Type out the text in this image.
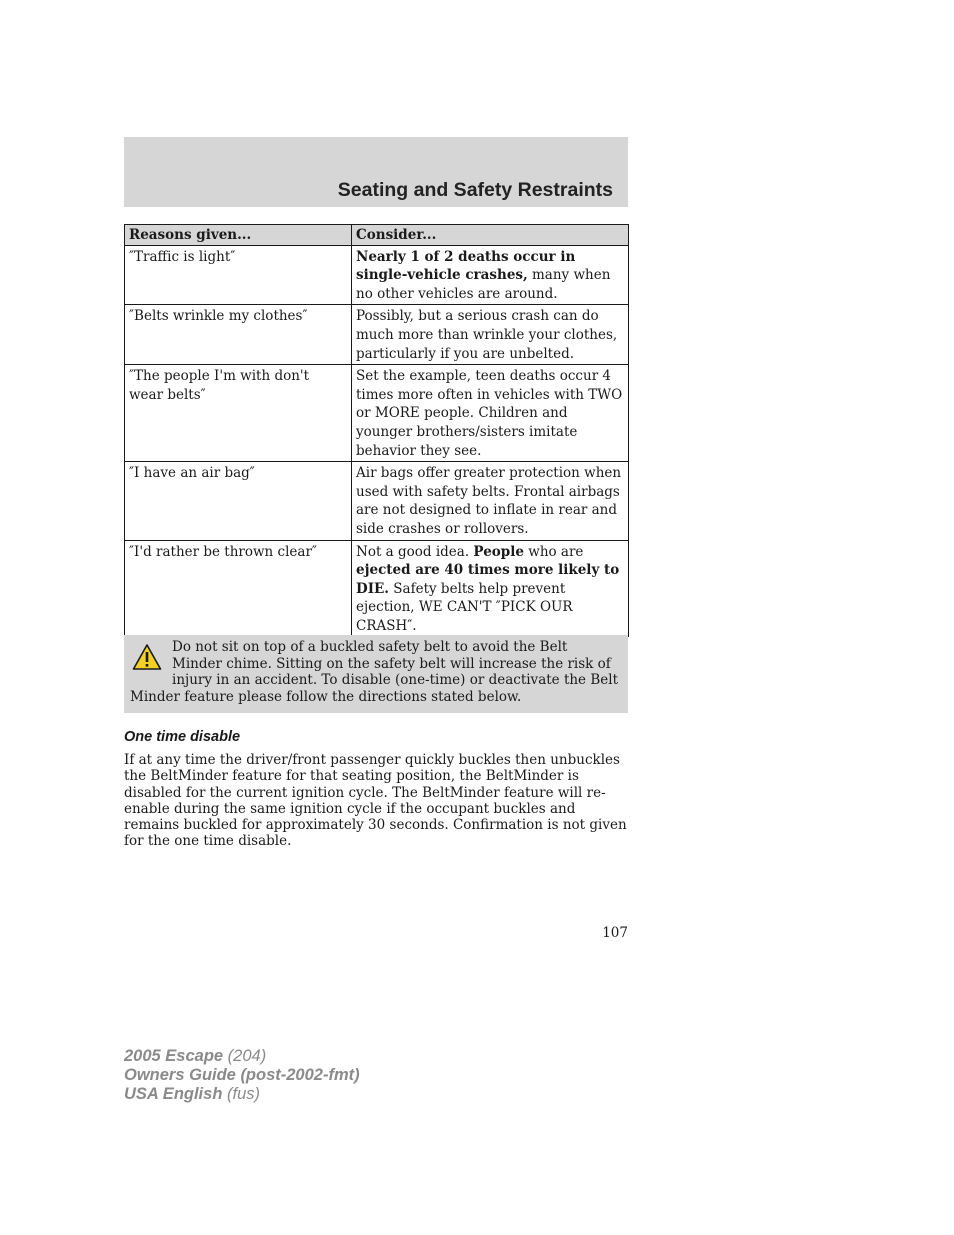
Seating and Safety Restraints
Reasons given...	Consider...
″Traffic is light″	Nearly 1 of 2 deaths occur in single-vehicle crashes, many when no other vehicles are around.
″Belts wrinkle my clothes″	Possibly, but a serious crash can do much more than wrinkle your clothes, particularly if you are unbelted.
″The people I'm with don't wear belts″	Set the example, teen deaths occur 4 times more often in vehicles with TWO or MORE people. Children and younger brothers/sisters imitate behavior they see.
″I have an air bag″	Air bags offer greater protection when used with safety belts. Frontal airbags are not designed to inflate in rear and side crashes or rollovers.
″I'd rather be thrown clear″	Not a good idea. People who are ejected are 40 times more likely to DIE. Safety belts help prevent ejection, WE CAN'T ″PICK OUR CRASH″.
Do not sit on top of a buckled safety belt to avoid the Belt Minder chime. Sitting on the safety belt will increase the risk of injury in an accident. To disable (one-time) or deactivate the Belt Minder feature please follow the directions stated below.
One time disable
If at any time the driver/front passenger quickly buckles then unbuckles the BeltMinder feature for that seating position, the BeltMinder is disabled for the current ignition cycle. The BeltMinder feature will re-enable during the same ignition cycle if the occupant buckles and remains buckled for approximately 30 seconds. Confirmation is not given for the one time disable.
107
2005 Escape (204)
Owners Guide (post-2002-fmt)
USA English (fus)
